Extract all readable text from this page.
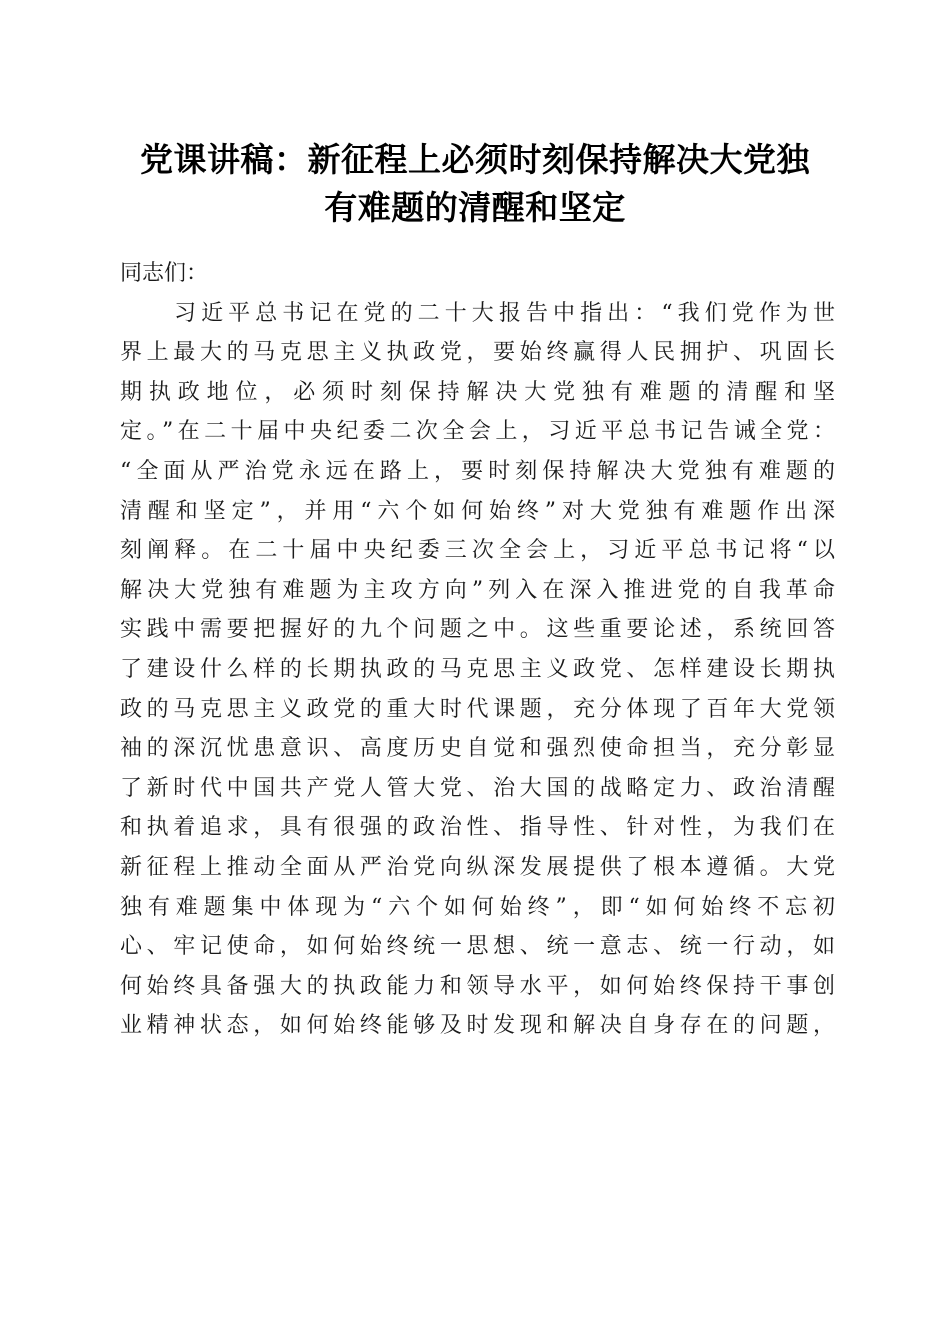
党课讲稿：新征程上必须时刻保持解决大党独
有难题的清醒和坚定

同志们：

习近平总书记在党的二十大报告中指出：“我们党作为世

界上最大的马克思主义执政党，要始终赢得人民拥护、巩固长

期执政地位，必须时刻保持解决大党独有难题的清醒和坚

定。”在二十届中央纪委二次全会上，习近平总书记告诫全党：

“全面从严治党永远在路上，要时刻保持解决大党独有难题的

清醒和坚定”，并用“六个如何始终”对大党独有难题作出深

刻阐释。在二十届中央纪委三次全会上，习近平总书记将“以

解决大党独有难题为主攻方向”列入在深入推进党的自我革命

实践中需要把握好的九个问题之中。这些重要论述，系统回答

了建设什么样的长期执政的马克思主义政党、怎样建设长期执

政的马克思主义政党的重大时代课题，充分体现了百年大党领

袖的深沉忧患意识、高度历史自觉和强烈使命担当，充分彰显

了新时代中国共产党人管大党、治大国的战略定力、政治清醒

和执着追求，具有很强的政治性、指导性、针对性，为我们在

新征程上推动全面从严治党向纵深发展提供了根本遵循。大党

独有难题集中体现为“六个如何始终”，即“如何始终不忘初

心、牢记使命，如何始终统一思想、统一意志、统一行动，如

何始终具备强大的执政能力和领导水平，如何始终保持干事创

业精神状态，如何始终能够及时发现和解决自身存在的问题，
